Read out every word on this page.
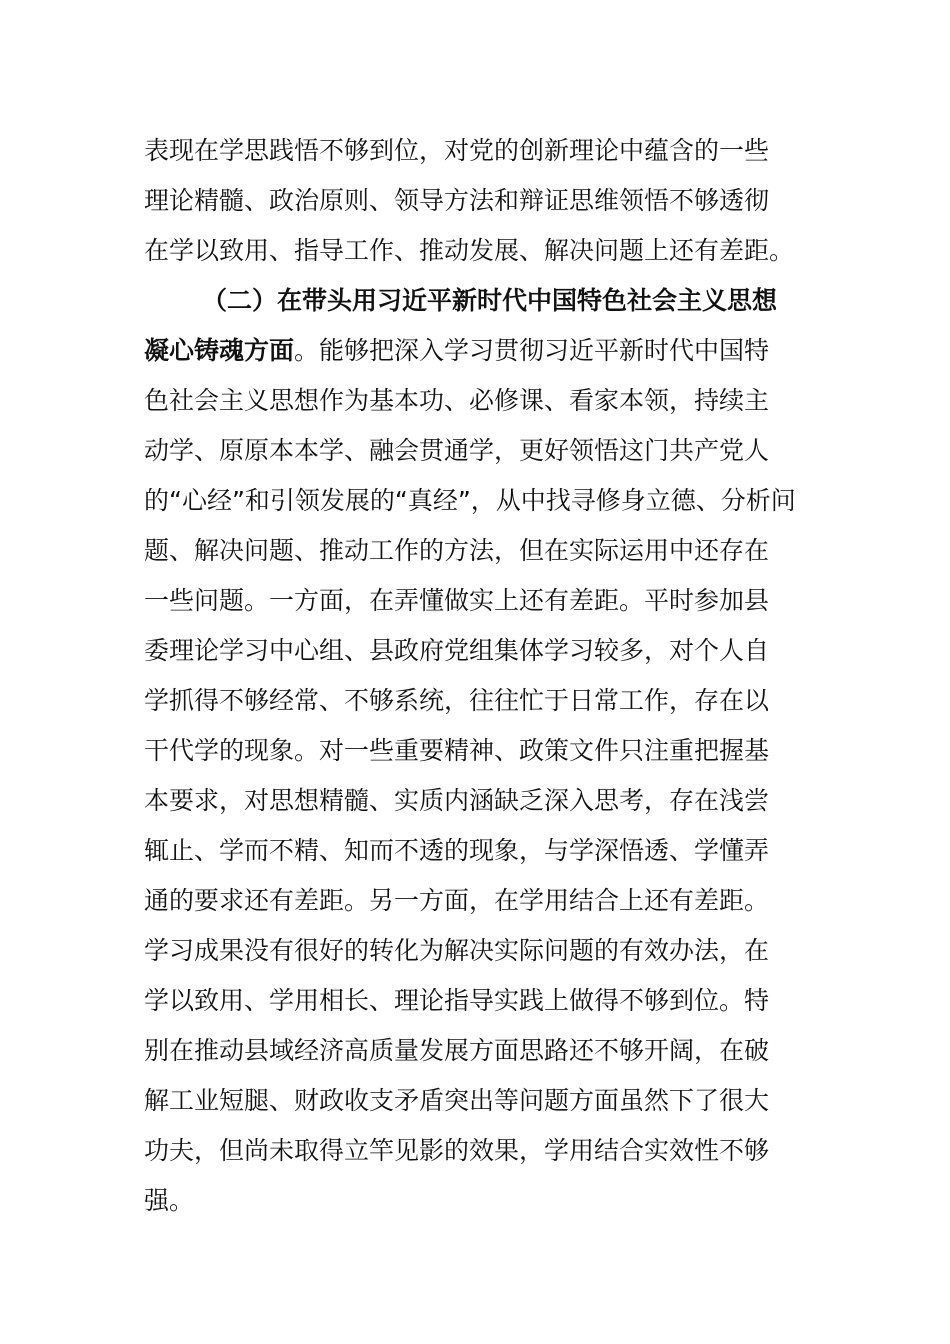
表现在学思践悟不够到位，对党的创新理论中蕴含的一些
理论精髓、政治原则、领导方法和辩证思维领悟不够透彻
在学以致用、指导工作、推动发展、解决问题上还有差距。
（二）在带头用习近平新时代中国特色社会主义思想
凝心铸魂方面。能够把深入学习贯彻习近平新时代中国特
色社会主义思想作为基本功、必修课、看家本领，持续主
动学、原原本本学、融会贯通学，更好领悟这门共产党人
的“心经”和引领发展的“真经”，从中找寻修身立德、分析问
题、解决问题、推动工作的方法，但在实际运用中还存在
一些问题。一方面，在弄懂做实上还有差距。平时参加县
委理论学习中心组、县政府党组集体学习较多，对个人自
学抓得不够经常、不够系统，往往忙于日常工作，存在以
干代学的现象。对一些重要精神、政策文件只注重把握基
本要求，对思想精髓、实质内涵缺乏深入思考，存在浅尝
辄止、学而不精、知而不透的现象，与学深悟透、学懂弄
通的要求还有差距。另一方面，在学用结合上还有差距。
学习成果没有很好的转化为解决实际问题的有效办法，在
学以致用、学用相长、理论指导实践上做得不够到位。特
别在推动县域经济高质量发展方面思路还不够开阔，在破
解工业短腿、财政收支矛盾突出等问题方面虽然下了很大
功夫，但尚未取得立竿见影的效果，学用结合实效性不够
强。
